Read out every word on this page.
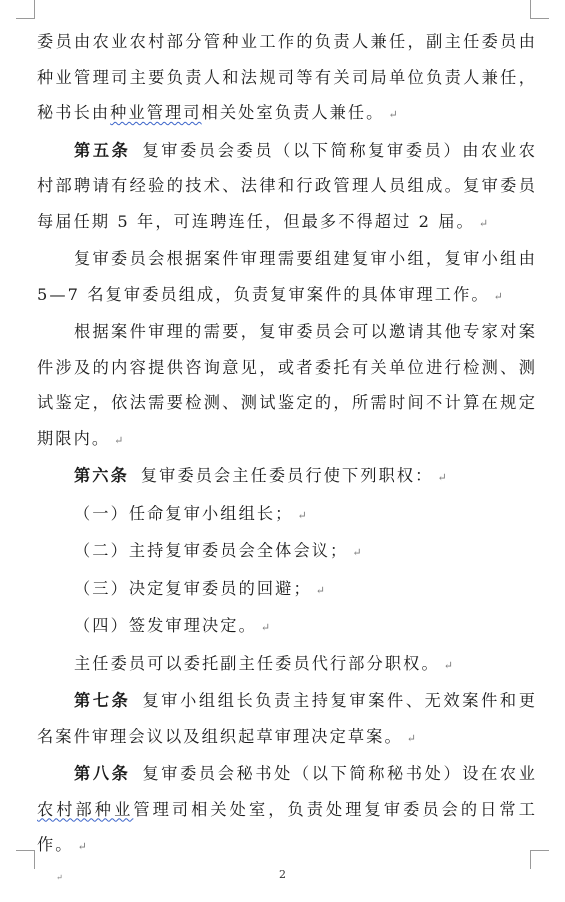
委员由农业农村部分管种业工作的负责人兼任，副主任委员由种业管理司主要负责人和法规司等有关司局单位负责人兼任，秘书长由种业管理司相关处室负责人兼任。 ↵

第五条 复审委员会委员（以下简称复审委员）由农业农村部聘请有经验的技术、法律和行政管理人员组成。复审委员每届任期 5 年，可连聘连任，但最多不得超过 2 届。 ↵

复审委员会根据案件审理需要组建复审小组，复审小组由 5—7 名复审委员组成，负责复审案件的具体审理工作。 ↵

根据案件审理的需要，复审委员会可以邀请其他专家对案件涉及的内容提供咨询意见，或者委托有关单位进行检测、测试鉴定，依法需要检测、测试鉴定的，所需时间不计算在规定期限内。 ↵

第六条 复审委员会主任委员行使下列职权： ↵

（一）任命复审小组组长； ↵

（二）主持复审委员会全体会议； ↵

（三）决定复审委员的回避； ↵

（四）签发审理决定。 ↵

主任委员可以委托副主任委员代行部分职权。 ↵

第七条 复审小组组长负责主持复审案件、无效案件和更名案件审理会议以及组织起草审理决定草案。 ↵

第八条 复审委员会秘书处（以下简称秘书处）设在农业农村部种业管理司相关处室，负责处理复审委员会的日常工作。 ↵

↵	2
